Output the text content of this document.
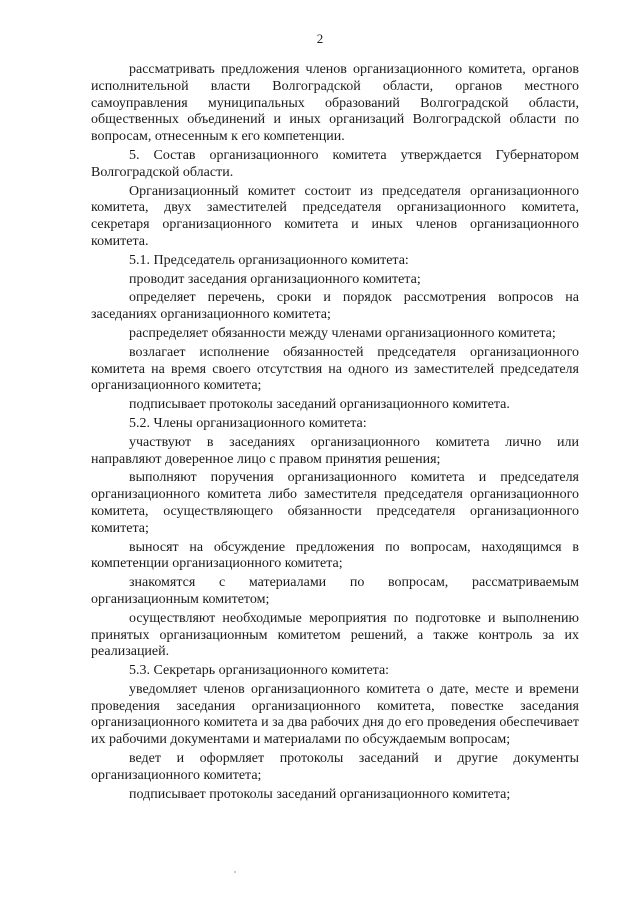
2

рассматривать предложения членов организационного комитета, органов исполнительной власти Волгоградской области, органов местного самоуправления муниципальных образований Волгоградской области, общественных объединений и иных организаций Волгоградской области по вопросам, отнесенным к его компетенции.

5. Состав организационного комитета утверждается Губернатором Волгоградской области.

Организационный комитет состоит из председателя организационного комитета, двух заместителей председателя организационного комитета, секретаря организационного комитета и иных членов организационного комитета.

5.1. Председатель организационного комитета:

проводит заседания организационного комитета;

определяет перечень, сроки и порядок рассмотрения вопросов на заседаниях организационного комитета;

распределяет обязанности между членами организационного комитета;

возлагает исполнение обязанностей председателя организационного комитета на время своего отсутствия на одного из заместителей председателя организационного комитета;

подписывает протоколы заседаний организационного комитета.

5.2. Члены организационного комитета:

участвуют в заседаниях организационного комитета лично или направляют доверенное лицо с правом принятия решения;

выполняют поручения организационного комитета и председателя организационного комитета либо заместителя председателя организационного комитета, осуществляющего обязанности председателя организационного комитета;

выносят на обсуждение предложения по вопросам, находящимся в компетенции организационного комитета;

знакомятся с материалами по вопросам, рассматриваемым организационным комитетом;

осуществляют необходимые мероприятия по подготовке и выполнению принятых организационным комитетом решений, а также контроль за их реализацией.

5.3. Секретарь организационного комитета:

уведомляет членов организационного комитета о дате, месте и времени проведения заседания организационного комитета, повестке заседания организационного комитета и за два рабочих дня до его проведения обеспечивает их рабочими документами и материалами по обсуждаемым вопросам;

ведет и оформляет протоколы заседаний и другие документы организационного комитета;

подписывает протоколы заседаний организационного комитета;
